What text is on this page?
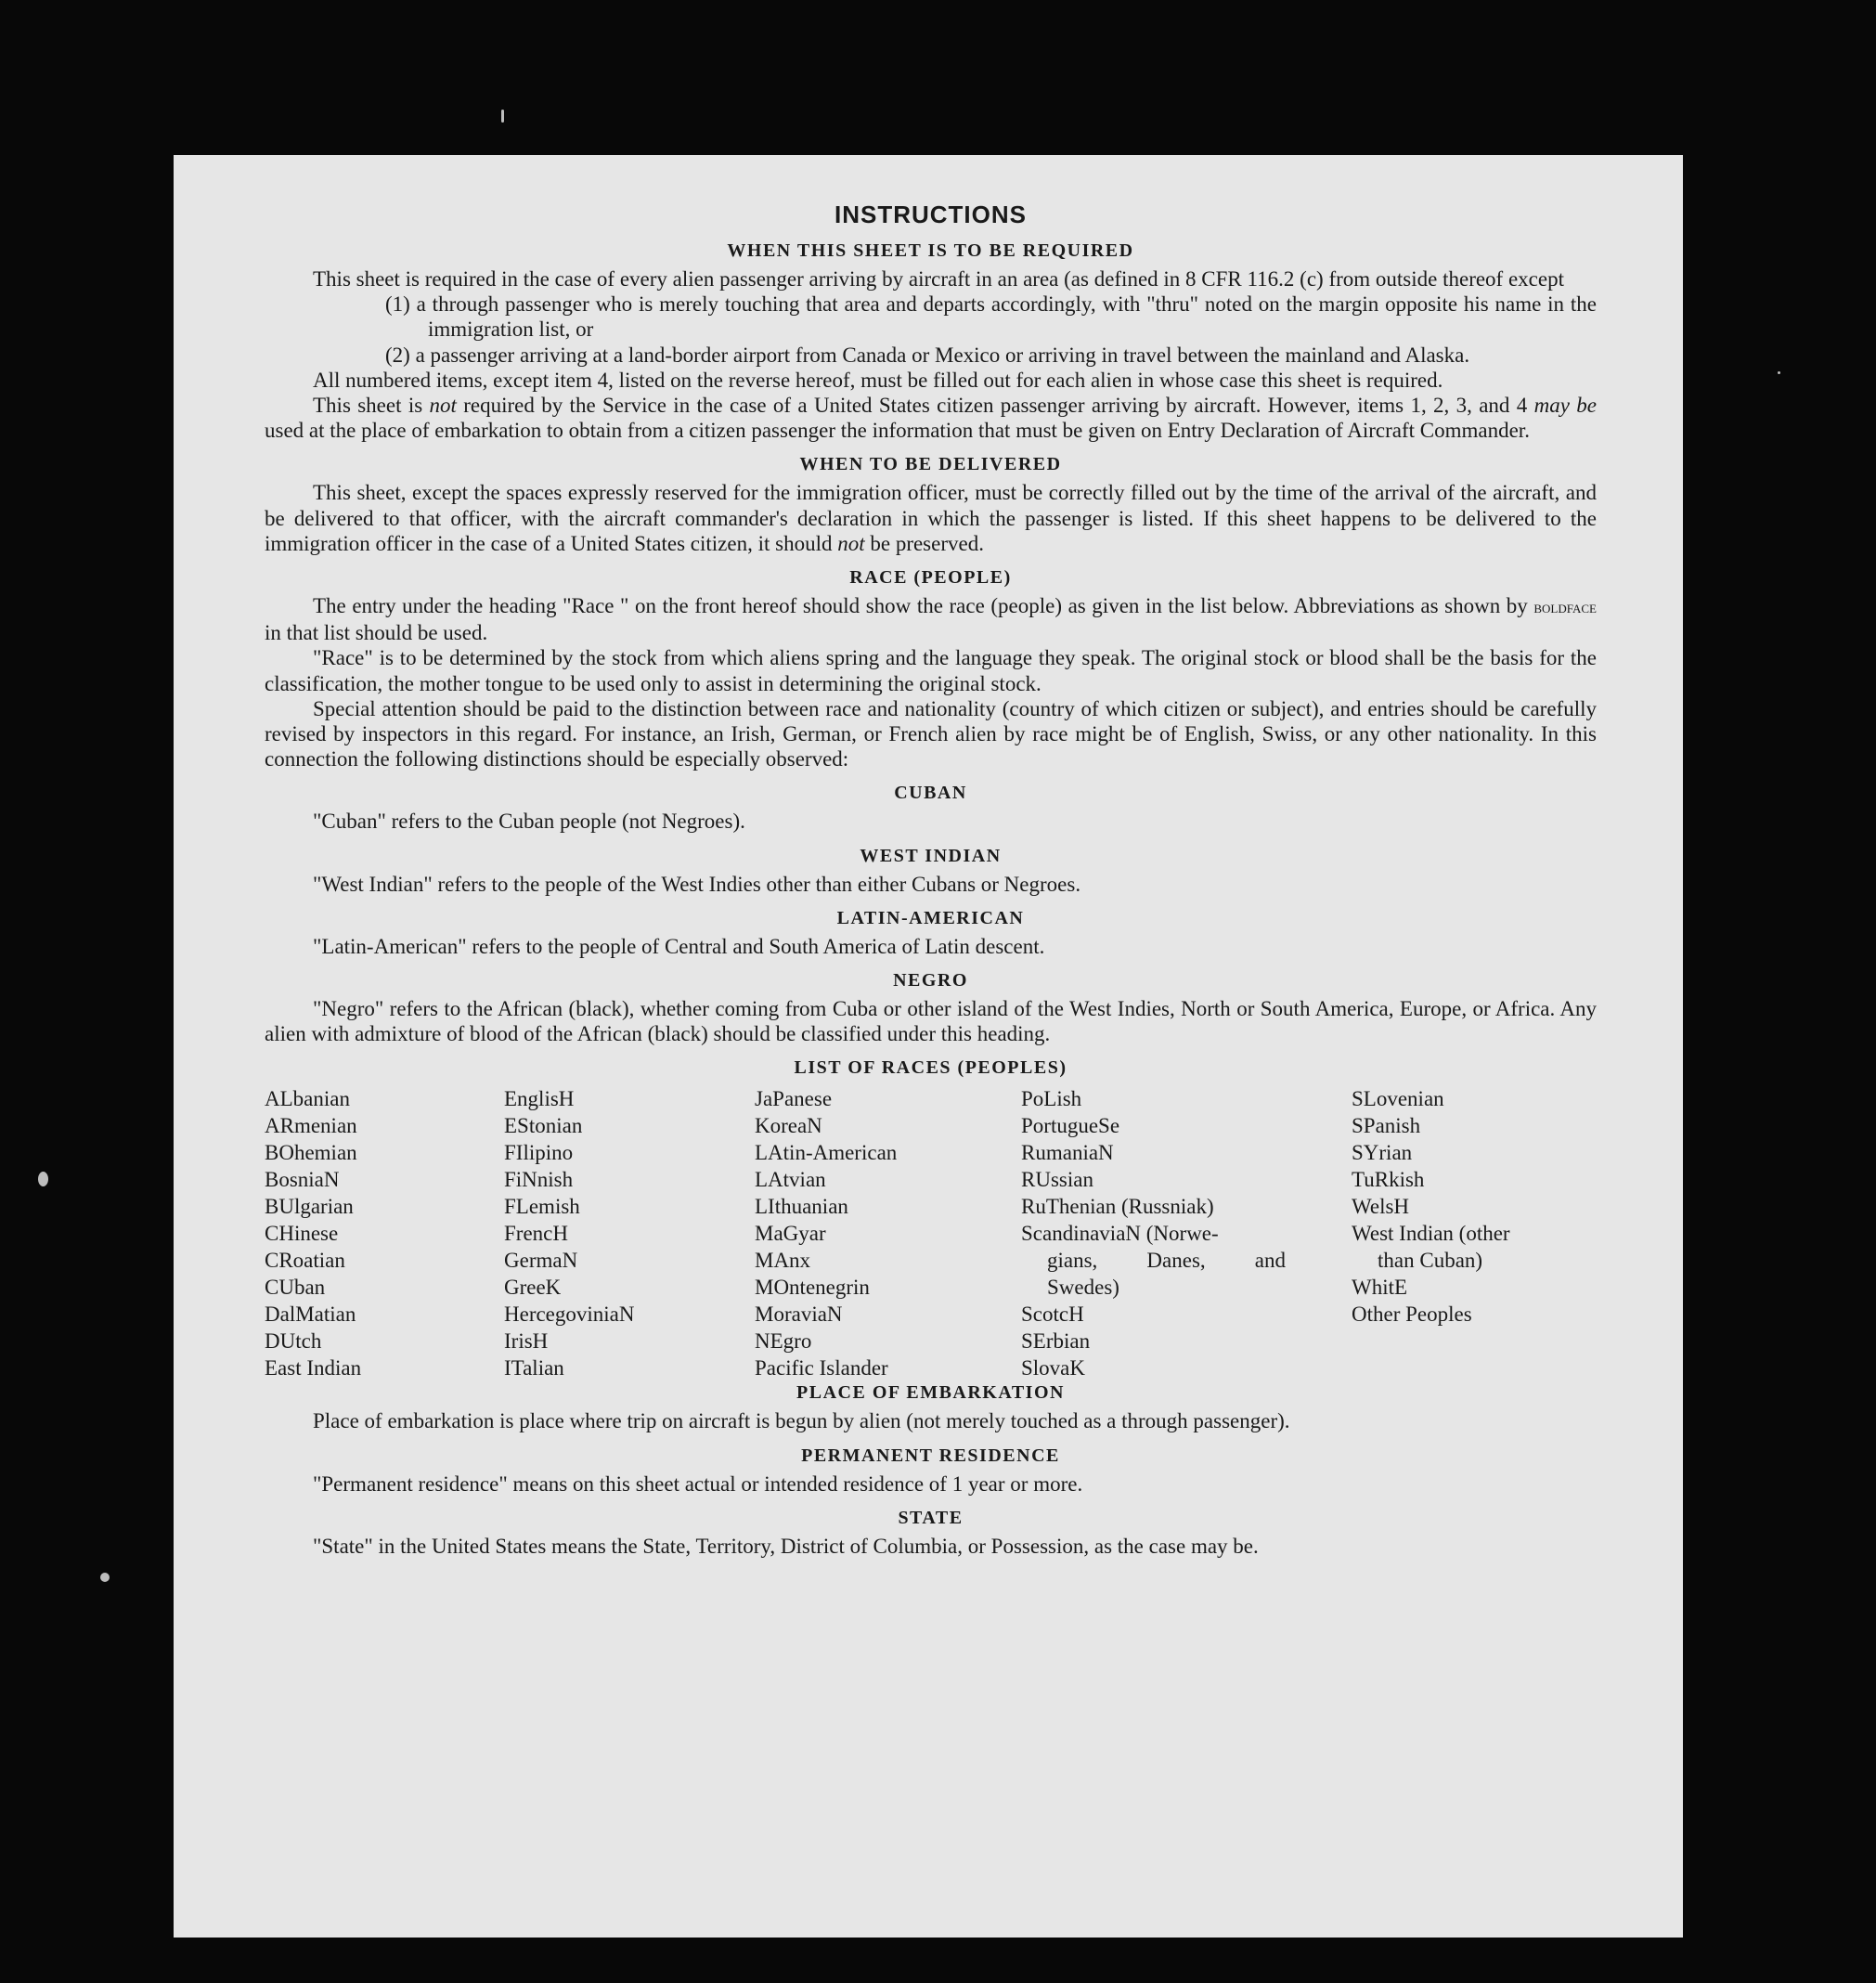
INSTRUCTIONS
WHEN THIS SHEET IS TO BE REQUIRED

This sheet is required in the case of every alien passenger arriving by aircraft in an area (as defined in 8 CFR 116.2 (c) from outside thereof except

(1) a through passenger who is merely touching that area and departs accordingly, with "thru" noted on the margin opposite his name in the immigration list, or

(2) a passenger arriving at a land-border airport from Canada or Mexico or arriving in travel between the mainland and Alaska.

All numbered items, except item 4, listed on the reverse hereof, must be filled out for each alien in whose case this sheet is required.

This sheet is not required by the Service in the case of a United States citizen passenger arriving by aircraft. However, items 1, 2, 3, and 4 may be used at the place of embarkation to obtain from a citizen passenger the information that must be given on Entry Declaration of Aircraft Commander.

WHEN TO BE DELIVERED

This sheet, except the spaces expressly reserved for the immigration officer, must be correctly filled out by the time of the arrival of the aircraft, and be delivered to that officer, with the aircraft commander's declaration in which the passenger is listed. If this sheet happens to be delivered to the immigration officer in the case of a United States citizen, it should not be preserved.

RACE (PEOPLE)

The entry under the heading "Race " on the front hereof should show the race (people) as given in the list below. Abbreviations as shown by boldface in that list should be used.

"Race" is to be determined by the stock from which aliens spring and the language they speak. The original stock or blood shall be the basis for the classification, the mother tongue to be used only to assist in determining the original stock.

Special attention should be paid to the distinction between race and nationality (country of which citizen or subject), and entries should be carefully revised by inspectors in this regard. For instance, an Irish, German, or French alien by race might be of English, Swiss, or any other nationality. In this connection the following distinctions should be especially observed:

CUBAN

"Cuban" refers to the Cuban people (not Negroes).

WEST INDIAN

"West Indian" refers to the people of the West Indies other than either Cubans or Negroes.

LATIN-AMERICAN

"Latin-American" refers to the people of Central and South America of Latin descent.

NEGRO

"Negro" refers to the African (black), whether coming from Cuba or other island of the West Indies, North or South America, Europe, or Africa. Any alien with admixture of blood of the African (black) should be classified under this heading.

LIST OF RACES (PEOPLES)
ALbanian
ARmenian
BOhemian
BosniaN
BUlgarian
CHinese
CRoatian
CUban
DalMatian
DUtch
East Indian
EnglisH
EStonian
FIlipino
FiNnish
FLemish
FrencH
GermaN
GreeK
HercegoviniaN
IrisH
ITalian
JaPanese
KoreaN
LAtin-American
LAtvian
LIthuanian
MaGyar
MAnx
MOntenegrin
MoraviaN
NEgro
Pacific Islander
PoLish
PortugueSe
RumaniaN
RUssian
RuThenian (Russniak)
ScandinaviaN (Norwe-
gians, Danes, and
Swedes)
ScotcH
SErbian
SlovaK
SLovenian
SPanish
SYrian
TuRkish
WelsH
West Indian (other
than Cuban)
WhitE
Other Peoples
PLACE OF EMBARKATION

Place of embarkation is place where trip on aircraft is begun by alien (not merely touched as a through passenger).

PERMANENT RESIDENCE

"Permanent residence" means on this sheet actual or intended residence of 1 year or more.

STATE

"State" in the United States means the State, Territory, District of Columbia, or Possession, as the case may be.
